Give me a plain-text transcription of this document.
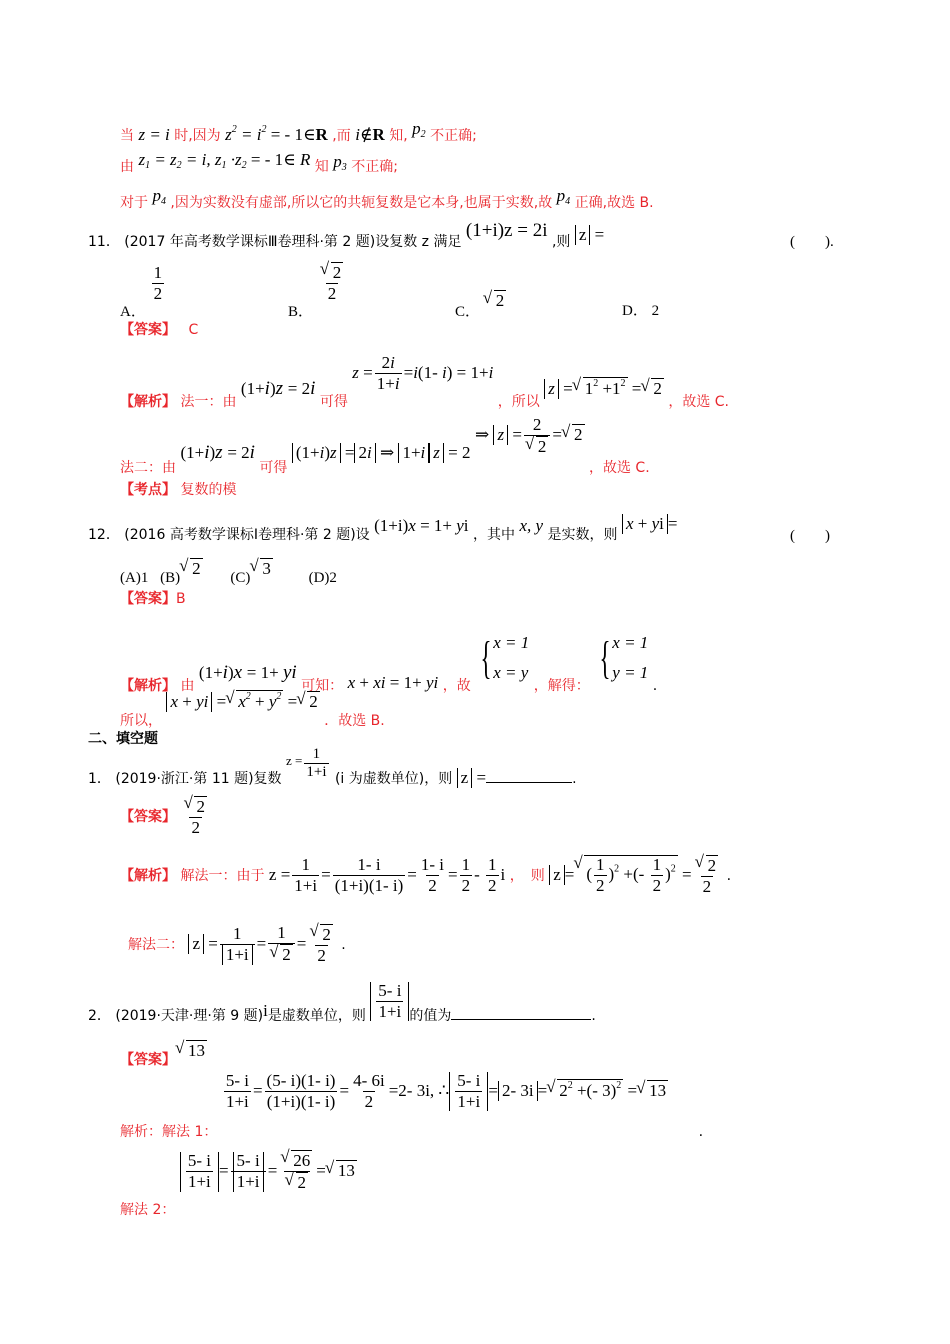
当 z = i 时,因为 $z^2 = i^2$ = - 1∈R ,而 i∉R 知, $p_2$ 不正确;
由 $z_1 = z_2 = i$, $z_1 \cdot z_2$ = - 1∈ R 知 $p_3$ 不正确;
对于 $p_4$ ,因为实数没有虚部,所以它的共轭复数是它本身,也属于实数,故 $p_4$ 正确,故选 B.
11． (2017 年高考数学课标Ⅲ卷理科·第 2 题)设复数 z 满足 (1+i)z = 2i ,则 z =	(　　).
A．
$\frac{1}{2}$
B．
√ $\frac{2}{2}$
C． √ 2
D． 2
【答案】 C
【解析】 法一：由 (1+i)z = 2i 可得 $z = \frac{2i}{1+i} =i(1-$ i) = 1+i ，所以 z = √ $1^2 +1^2$ = √ 2 ，故选 C.
法二：由 (1+i)z = 2i 可得 (1+i)z = 2i ⇒ 1+i z = 2 ⇒ z = 2
√ 2 = √ 2 ，故选 C.
【考点】 复数的模
12． (2016 高考数学课标Ⅰ卷理科·第 2 题)设 (1+i)x = 1+ yi ，其中 x, y 是实数，则 x + yi =
(　　)
(A)1 (B) √ 2 (C) √ 3	(D)2
【答案】B
【解析】 由 (1+i)x = 1+ yi 可知： x + xi = 1+ yi ，故
{ x = 1
x = y
，解得：
{ x = 1
y = 1
.
所以， x + yi = √ $x^2 + y^2$ = √ 2 ．故选 B.
二、填空题
1． (2019·浙江·第 11 题)复数 $z = \frac{1}{1+i} (i$ 为虚数单位)，则 z =	.
【答案】 √ $\frac{2}{2}$
【解析】 解法一：由于 $z = \frac{1}{1+i} = \frac{1- i}{(1+i)(1- i)} = \frac{1- i}{2} = \frac{1}{2} - \frac{1}{2}$ i ，　则 z = √ ( $\frac{1}{2} )^2$ +(- $\frac{1}{2} )^2$ = √ $\frac{2}{2}$ .
解法二： $z = \frac{1}{1+i} = 1$
√ 2 = √ $\frac{2}{2}$ .
2． (2019·天津·理·第 9 题)i是虚数单位，则 $\frac{5- i}{1+i}$ 的值为	.
【答案】 √ 13
解析：解法 1：
$\frac{5- i}{1+i} = \frac{(5- i)(1- i)}{(1+i)(1- i)} = \frac{4- 6i}{2} =2-$ 3i, ∴ $\frac{5- i}{1+i} = 2-$ 3i = √ $2^2$ +(- 3)$^2$ = √ 13 .
解法 2：
$\frac{5- i}{1+i} = \frac{5- i}{1+i}$ = √ 26
√ 2 = √ 13
